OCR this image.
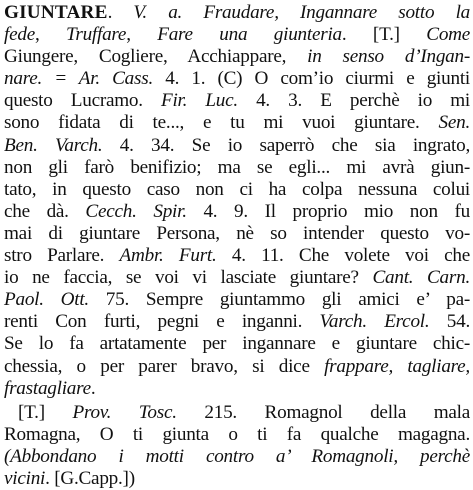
GIUNTARE. V. a. Fraudare, Ingannare sotto la
fede, Truffare, Fare una giunteria. [T.] Come
Giungere, Cogliere, Acchiappare, in senso d’Ingan-
nare. = Ar. Cass. 4. 1. (C) O com’io ciurmi e giunti
questo Lucramo. Fir. Luc. 4. 3. E perchè io mi
sono fidata di te..., e tu mi vuoi giuntare. Sen.
Ben. Varch. 4. 34. Se io saperrò che sia ingrato,
non gli farò benifizio; ma se egli... mi avrà giun-
tato, in questo caso non ci ha colpa nessuna colui
che dà. Cecch. Spir. 4. 9. Il proprio mio non fu
mai di giuntare Persona, nè so intender questo vo-
stro Parlare. Ambr. Furt. 4. 11. Che volete voi che
io ne faccia, se voi vi lasciate giuntare? Cant. Carn.
Paol. Ott. 75. Sempre giuntammo gli amici e’ pa-
renti Con furti, pegni e inganni. Varch. Ercol. 54.
Se lo fa artatamente per ingannare e giuntare chic-
chessia, o per parer bravo, si dice frappare, tagliare,
frastagliare.
[T.] Prov. Tosc. 215. Romagnol della mala
Romagna, O ti giunta o ti fa qualche magagna.
(Abbondano i motti contro a’ Romagnoli, perchè
vicini. [G.Capp.])
